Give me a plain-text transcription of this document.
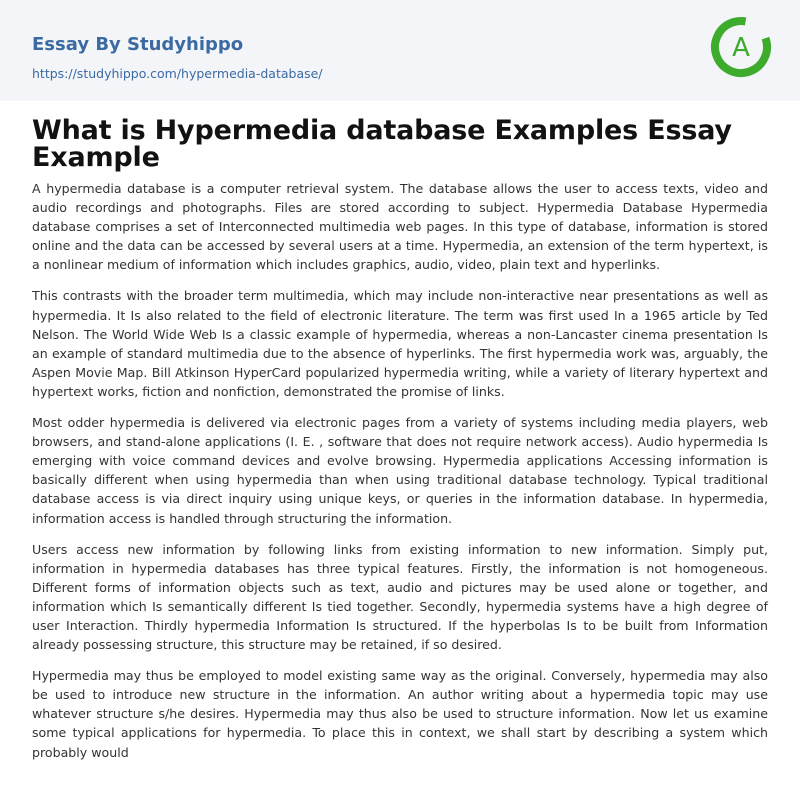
Essay By Studyhippo
https://studyhippo.com/hypermedia-database/
A
What is Hypermedia database Examples Essay Example

A hypermedia database is a computer retrieval system. The database allows the user to access texts, video and audio recordings and photographs. Files are stored according to subject. Hypermedia Database Hypermedia database comprises a set of Interconnected multimedia web pages. In this type of database, information is stored online and the data can be accessed by several users at a time. Hypermedia, an extension of the term hypertext, is a nonlinear medium of information which includes graphics, audio, video, plain text and hyperlinks.

This contrasts with the broader term multimedia, which may include non-interactive near presentations as well as hypermedia. It Is also related to the field of electronic literature. The term was first used In a 1965 article by Ted Nelson. The World Wide Web Is a classic example of hypermedia, whereas a non-Lancaster cinema presentation Is an example of standard multimedia due to the absence of hyperlinks. The first hypermedia work was, arguably, the Aspen Movie Map. Bill Atkinson HyperCard popularized hypermedia writing, while a variety of literary hypertext and hypertext works, fiction and nonfiction, demonstrated the promise of links.

Most odder hypermedia is delivered via electronic pages from a variety of systems including media players, web browsers, and stand-alone applications (I. E. , software that does not require network access). Audio hypermedia Is emerging with voice command devices and evolve browsing. Hypermedia applications Accessing information is basically different when using hypermedia than when using traditional database technology. Typical traditional database access is via direct inquiry using unique keys, or queries in the information database. In hypermedia, information access is handled through structuring the information.

Users access new information by following links from existing information to new information. Simply put, information in hypermedia databases has three typical features. Firstly, the information is not homogeneous. Different forms of information objects such as text, audio and pictures may be used alone or together, and information which Is semantically different Is tied together. Secondly, hypermedia systems have a high degree of user Interaction. Thirdly hypermedia Information Is structured. If the hyperbolas Is to be built from Information already possessing structure, this structure may be retained, if so desired.

Hypermedia may thus be employed to model existing same way as the original. Conversely, hypermedia may also be used to introduce new structure in the information. An author writing about a hypermedia topic may use whatever structure s/he desires. Hypermedia may thus also be used to structure information. Now let us examine some typical applications for hypermedia. To place this in context, we shall start by describing a system which probably would
